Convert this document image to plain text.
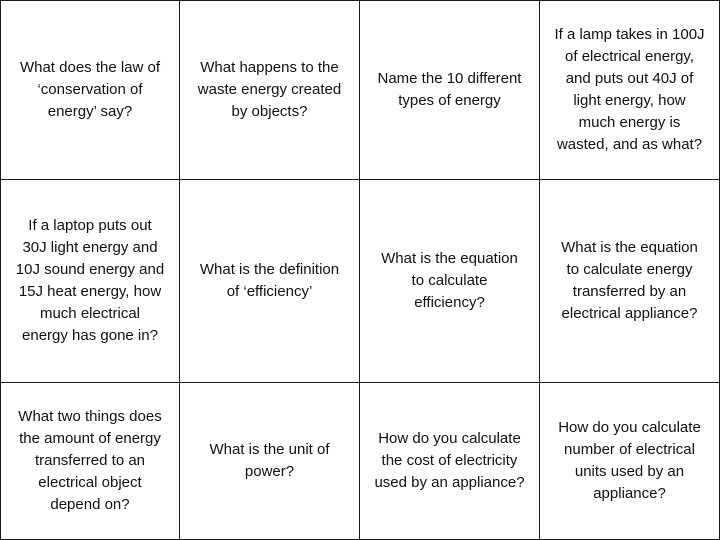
What does the law of
‘conservation of
energy’ say?
What happens to the
waste energy created
by objects?
Name the 10 different
types of energy
If a lamp takes in 100J
of electrical energy,
and puts out 40J of
light energy, how
much energy is
wasted, and as what?
If a laptop puts out
30J light energy and
10J sound energy and
15J heat energy, how
much electrical
energy has gone in?
What is the definition
of ‘efficiency’
What is the equation
to calculate
efficiency?
What is the equation
to calculate energy
transferred by an
electrical appliance?
What two things does
the amount of energy
transferred to an
electrical object
depend on?
What is the unit of
power?
How do you calculate
the cost of electricity
used by an appliance?
How do you calculate
number of electrical
units used by an
appliance?
